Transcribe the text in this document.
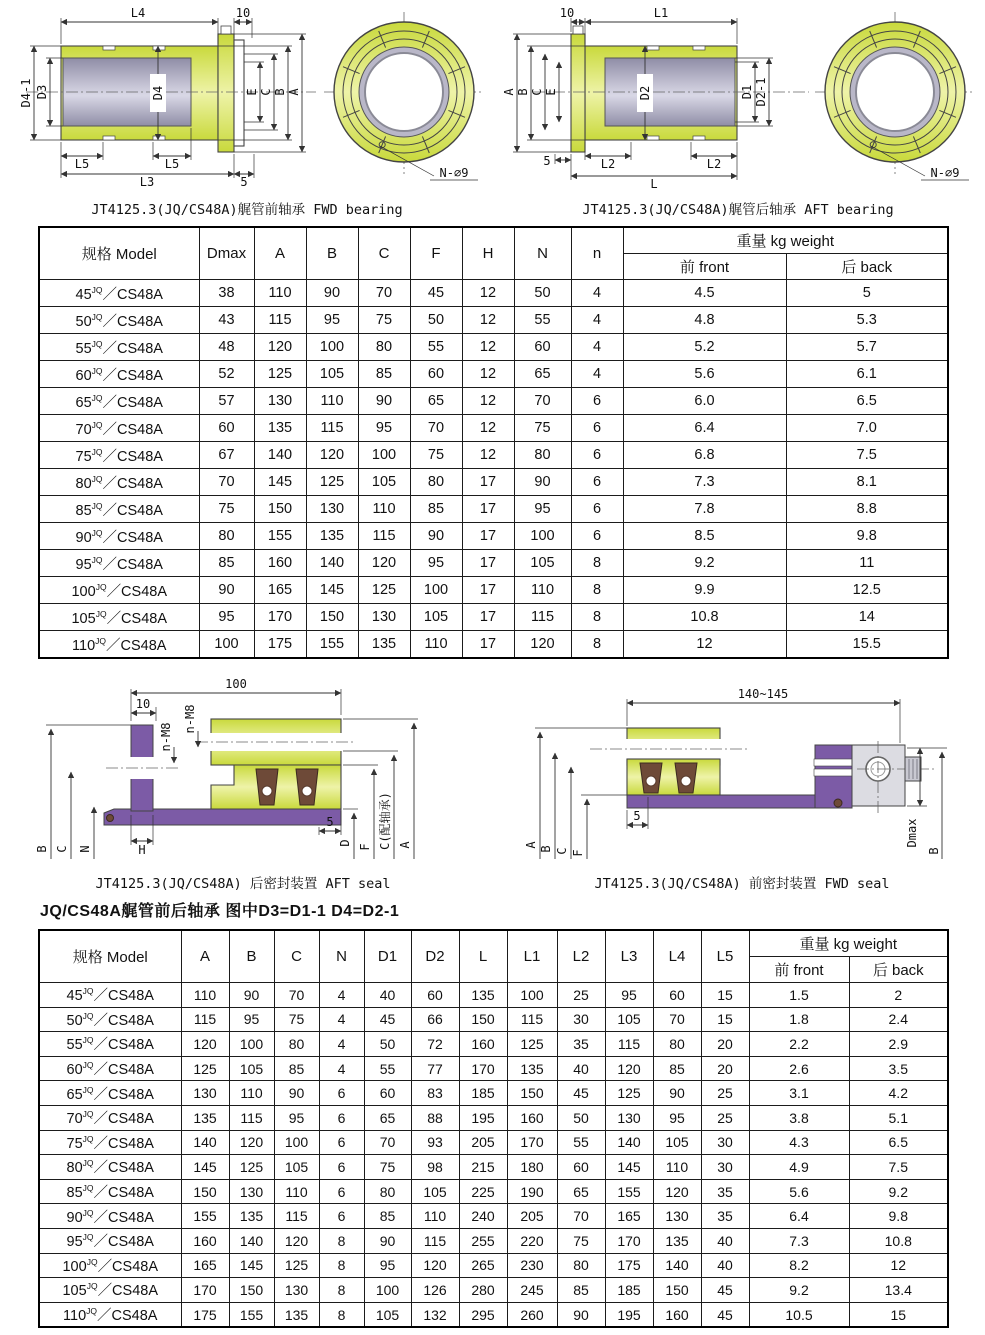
L4	10
D4-1 D3	D4	E C B A
L5	L5
L3	5
N-∅9
JT4125.3(JQ/CS48A)艉管前轴承 FWD bearing
10	L1
A B C E	D2	D1 D2-1
5	L2	L2
L
N-∅9
JT4125.3(JQ/CS48A)艉管后轴承 AFT bearing
规格 Model	Dmax	A	B	C	F	H	N	n	重量 kg weight	
									前 front	后 back
$45^{JQ}/CS48A$	38	110	90	70	45	12	50	4	4.5	5
$50^{JQ}/CS48A$	43	115	95	75	50	12	55	4	4.8	5.3
$55^{JQ}/CS48A$	48	120	100	80	55	12	60	4	5.2	5.7
$60^{JQ}/CS48A$	52	125	105	85	60	12	65	4	5.6	6.1
$65^{JQ}/CS48A$	57	130	110	90	65	12	70	6	6.0	6.5
$70^{JQ}/CS48A$	60	135	115	95	70	12	75	6	6.4	7.0
$75^{JQ}/CS48A$	67	140	120	100	75	12	80	6	6.8	7.5
$80^{JQ}/CS48A$	70	145	125	105	80	17	90	6	7.3	8.1
$85^{JQ}/CS48A$	75	150	130	110	85	17	95	6	7.8	8.8
$90^{JQ}/CS48A$	80	155	135	115	90	17	100	6	8.5	9.8
$95^{JQ}/CS48A$	85	160	140	120	95	17	105	8	9.2	11
$100^{JQ}/CS48A$	90	165	145	125	100	17	110	8	9.9	12.5
$105^{JQ}/CS48A$	95	170	150	130	105	17	115	8	10.8	14
$110^{JQ}/CS48A$	100	175	155	135	110	17	120	8	12	15.5
100
10
n-M8
n-M8
B C N	H
5
D
F C(配轴承) A
JT4125.3(JQ/CS48A) 后密封装置 AFT seal
140~145
A
B C F
5
Dmax
B
JT4125.3(JQ/CS48A) 前密封装置 FWD seal
JQ/CS48A艉管前后轴承 图中D3=D1-1 D4=D2-1
规格 Model	A	B	C	N	D1	D2	L	L1	L2	L3	L4	L5	重量 kg weight	
													前 front	后 back
$45^{JQ}/CS48A$	110	90	70	4	40	60	135	100	25	95	60	15	1.5	2
$50^{JQ}/CS48A$	115	95	75	4	45	66	150	115	30	105	70	15	1.8	2.4
$55^{JQ}/CS48A$	120	100	80	4	50	72	160	125	35	115	80	20	2.2	2.9
$60^{JQ}/CS48A$	125	105	85	4	55	77	170	135	40	120	85	20	2.6	3.5
$65^{JQ}/CS48A$	130	110	90	6	60	83	185	150	45	125	90	25	3.1	4.2
$70^{JQ}/CS48A$	135	115	95	6	65	88	195	160	50	130	95	25	3.8	5.1
$75^{JQ}/CS48A$	140	120	100	6	70	93	205	170	55	140	105	30	4.3	6.5
$80^{JQ}/CS48A$	145	125	105	6	75	98	215	180	60	145	110	30	4.9	7.5
$85^{JQ}/CS48A$	150	130	110	6	80	105	225	190	65	155	120	35	5.6	9.2
$90^{JQ}/CS48A$	155	135	115	6	85	110	240	205	70	165	130	35	6.4	9.8
$95^{JQ}/CS48A$	160	140	120	8	90	115	255	220	75	170	135	40	7.3	10.8
$100^{JQ}/CS48A$	165	145	125	8	95	120	265	230	80	175	140	40	8.2	12
$105^{JQ}/CS48A$	170	150	130	8	100	126	280	245	85	185	150	45	9.2	13.4
$110^{JQ}/CS48A$	175	155	135	8	105	132	295	260	90	195	160	45	10.5	15
